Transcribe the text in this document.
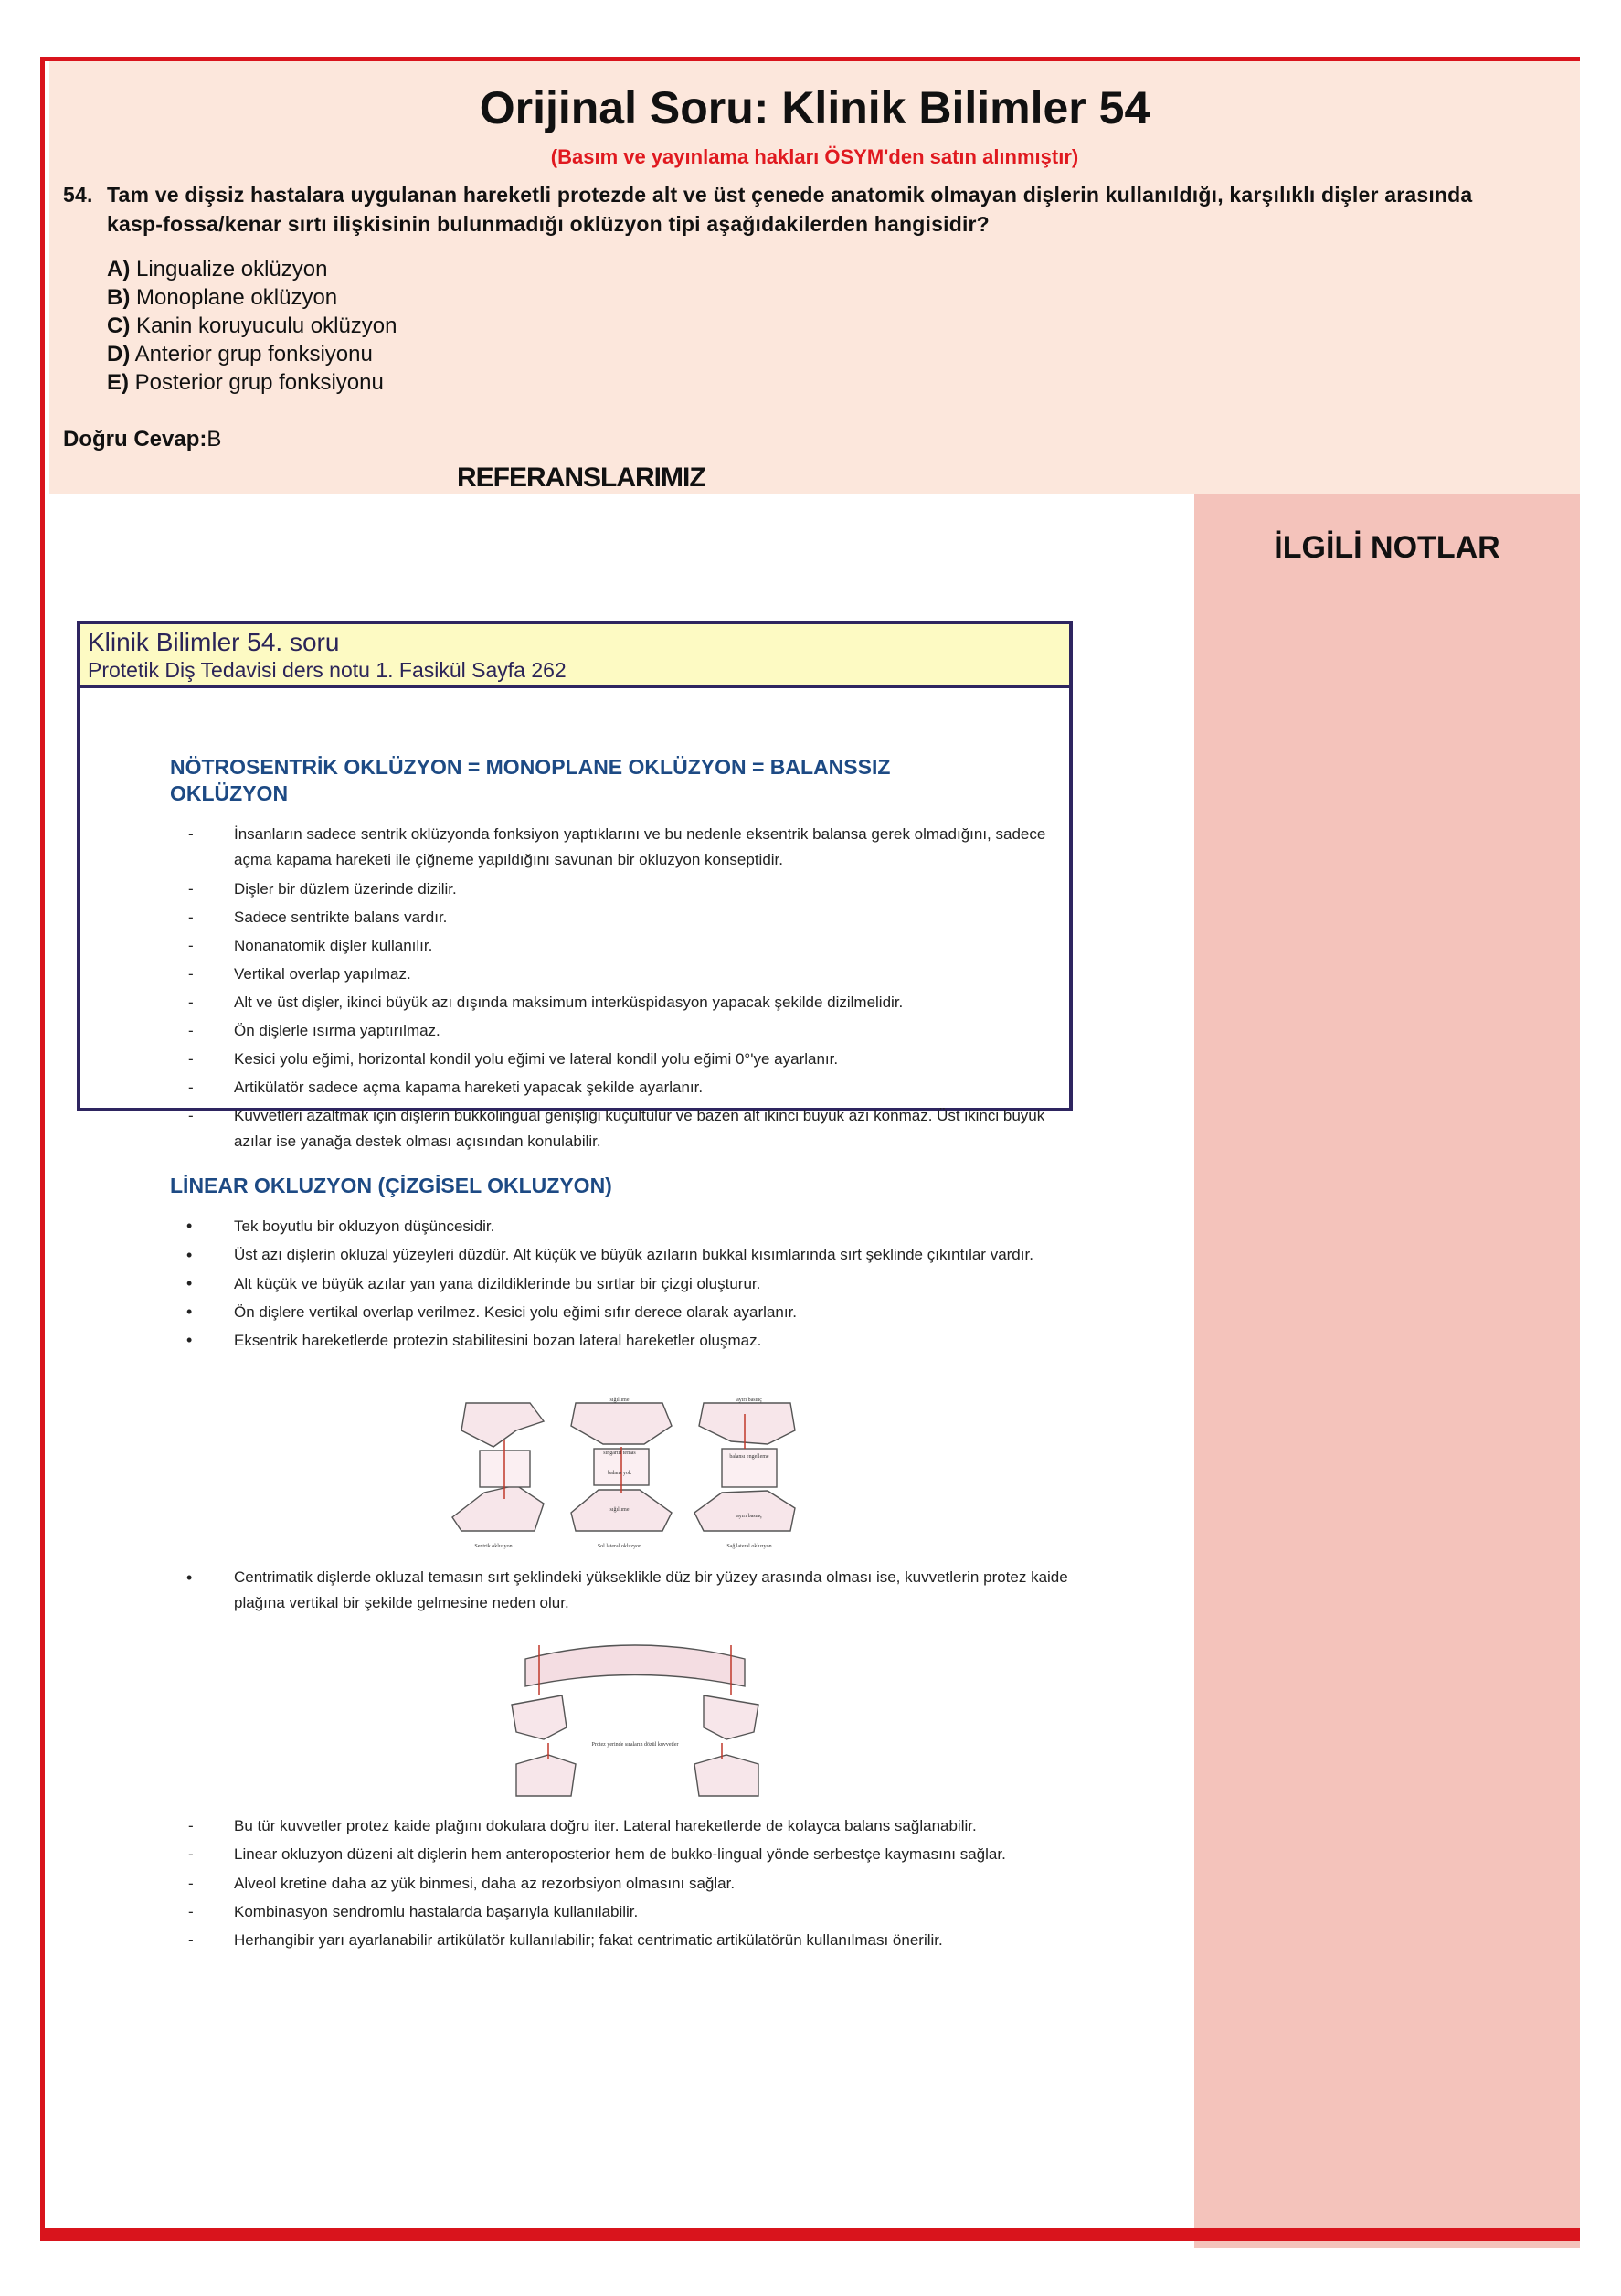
Orijinal Soru: Klinik Bilimler 54
(Basım ve yayınlama hakları ÖSYM'den satın alınmıştır)
54. Tam ve dişsiz hastalara uygulanan hareketli protezde alt ve üst çenede anatomik olmayan dişlerin kullanıldığı, karşılıklı dişler arasında kasp-fossa/kenar sırtı ilişkisinin bulunmadığı oklüzyon tipi aşağıdakilerden hangisidir?
A) Lingualize oklüzyon
B) Monoplane oklüzyon
C) Kanin koruyuculu oklüzyon
D) Anterior grup fonksiyonu
E) Posterior grup fonksiyonu
Doğru Cevap:B
İLGİLİ NOTLAR
REFERANSLARIMIZ
Klinik Bilimler 54. soru
Protetik Diş Tedavisi ders notu 1. Fasikül Sayfa 262
NÖTROSENTRİK OKLÜZYON = MONOPLANE OKLÜZYON = BALANSSIZ OKLÜZYON
- İnsanların sadece sentrik oklüzyonda fonksiyon yaptıklarını ve bu nedenle eksentrik balansa gerek olmadığını, sadece açma kapama hareketi ile çiğneme yapıldığını savunan bir okluzyon konseptidir.
- Dişler bir düzlem üzerinde dizilir.
- Sadece sentrikte balans vardır.
- Nonanatomik dişler kullanılır.
- Vertikal overlap yapılmaz.
- Alt ve üst dişler, ikinci büyük azı dışında maksimum interküspidasyon yapacak şekilde dizilmelidir.
- Ön dişlerle ısırma yaptırılmaz.
- Kesici yolu eğimi, horizontal kondil yolu eğimi ve lateral kondil yolu eğimi 0°'ye ayarlanır.
- Artikülatör sadece açma kapama hareketi yapacak şekilde ayarlanır.
- Kuvvetleri azaltmak için dişlerin bukkolingual genişliği küçültülür ve bazen alt ikinci büyük azı konmaz. Üst ikinci büyük azılar ise yanağa destek olması açısından konulabilir.
LİNEAR OKLUZYON (ÇİZGİSEL OKLUZYON)
• Tek boyutlu bir okluzyon düşüncesidir.
• Üst azı dişlerin okluzal yüzeyleri düzdür. Alt küçük ve büyük azıların bukkal kısımlarında sırt şeklinde çıkıntılar vardır.
• Alt küçük ve büyük azılar yan yana dizildiklerinde bu sırtlar bir çizgi oluşturur.
• Ön dişlere vertikal overlap verilmez. Kesici yolu eğimi sıfır derece olarak ayarlanır.
• Eksentrik hareketlerde protezin stabilitesini bozan lateral hareketler oluşmaz.
sığıllıme
sıngartif temas
balans yok
sığıllıme
ayırı basınç
balansı engelleme
ayırı basınç
Sentrik okluzyon	Sol lateral okluzyon	Sağ lateral okluzyon
• Centrimatik dişlerde okluzal temasın sırt şeklindeki yükseklikle düz bir yüzey arasında olması ise, kuvvetlerin protez kaide plağına vertikal bir şekilde gelmesine neden olur.
Protez yerinde sıraların dözül kuvvetler
- Bu tür kuvvetler protez kaide plağını dokulara doğru iter. Lateral hareketlerde de kolayca balans sağlanabilir.
- Linear okluzyon düzeni alt dişlerin hem anteroposterior hem de bukko-lingual yönde serbestçe kaymasını sağlar.
- Alveol kretine daha az yük binmesi, daha az rezorbsiyon olmasını sağlar.
- Kombinasyon sendromlu hastalarda başarıyla kullanılabilir.
- Herhangibir yarı ayarlanabilir artikülatör kullanılabilir; fakat centrimatic artikülatörün kullanılması önerilir.
